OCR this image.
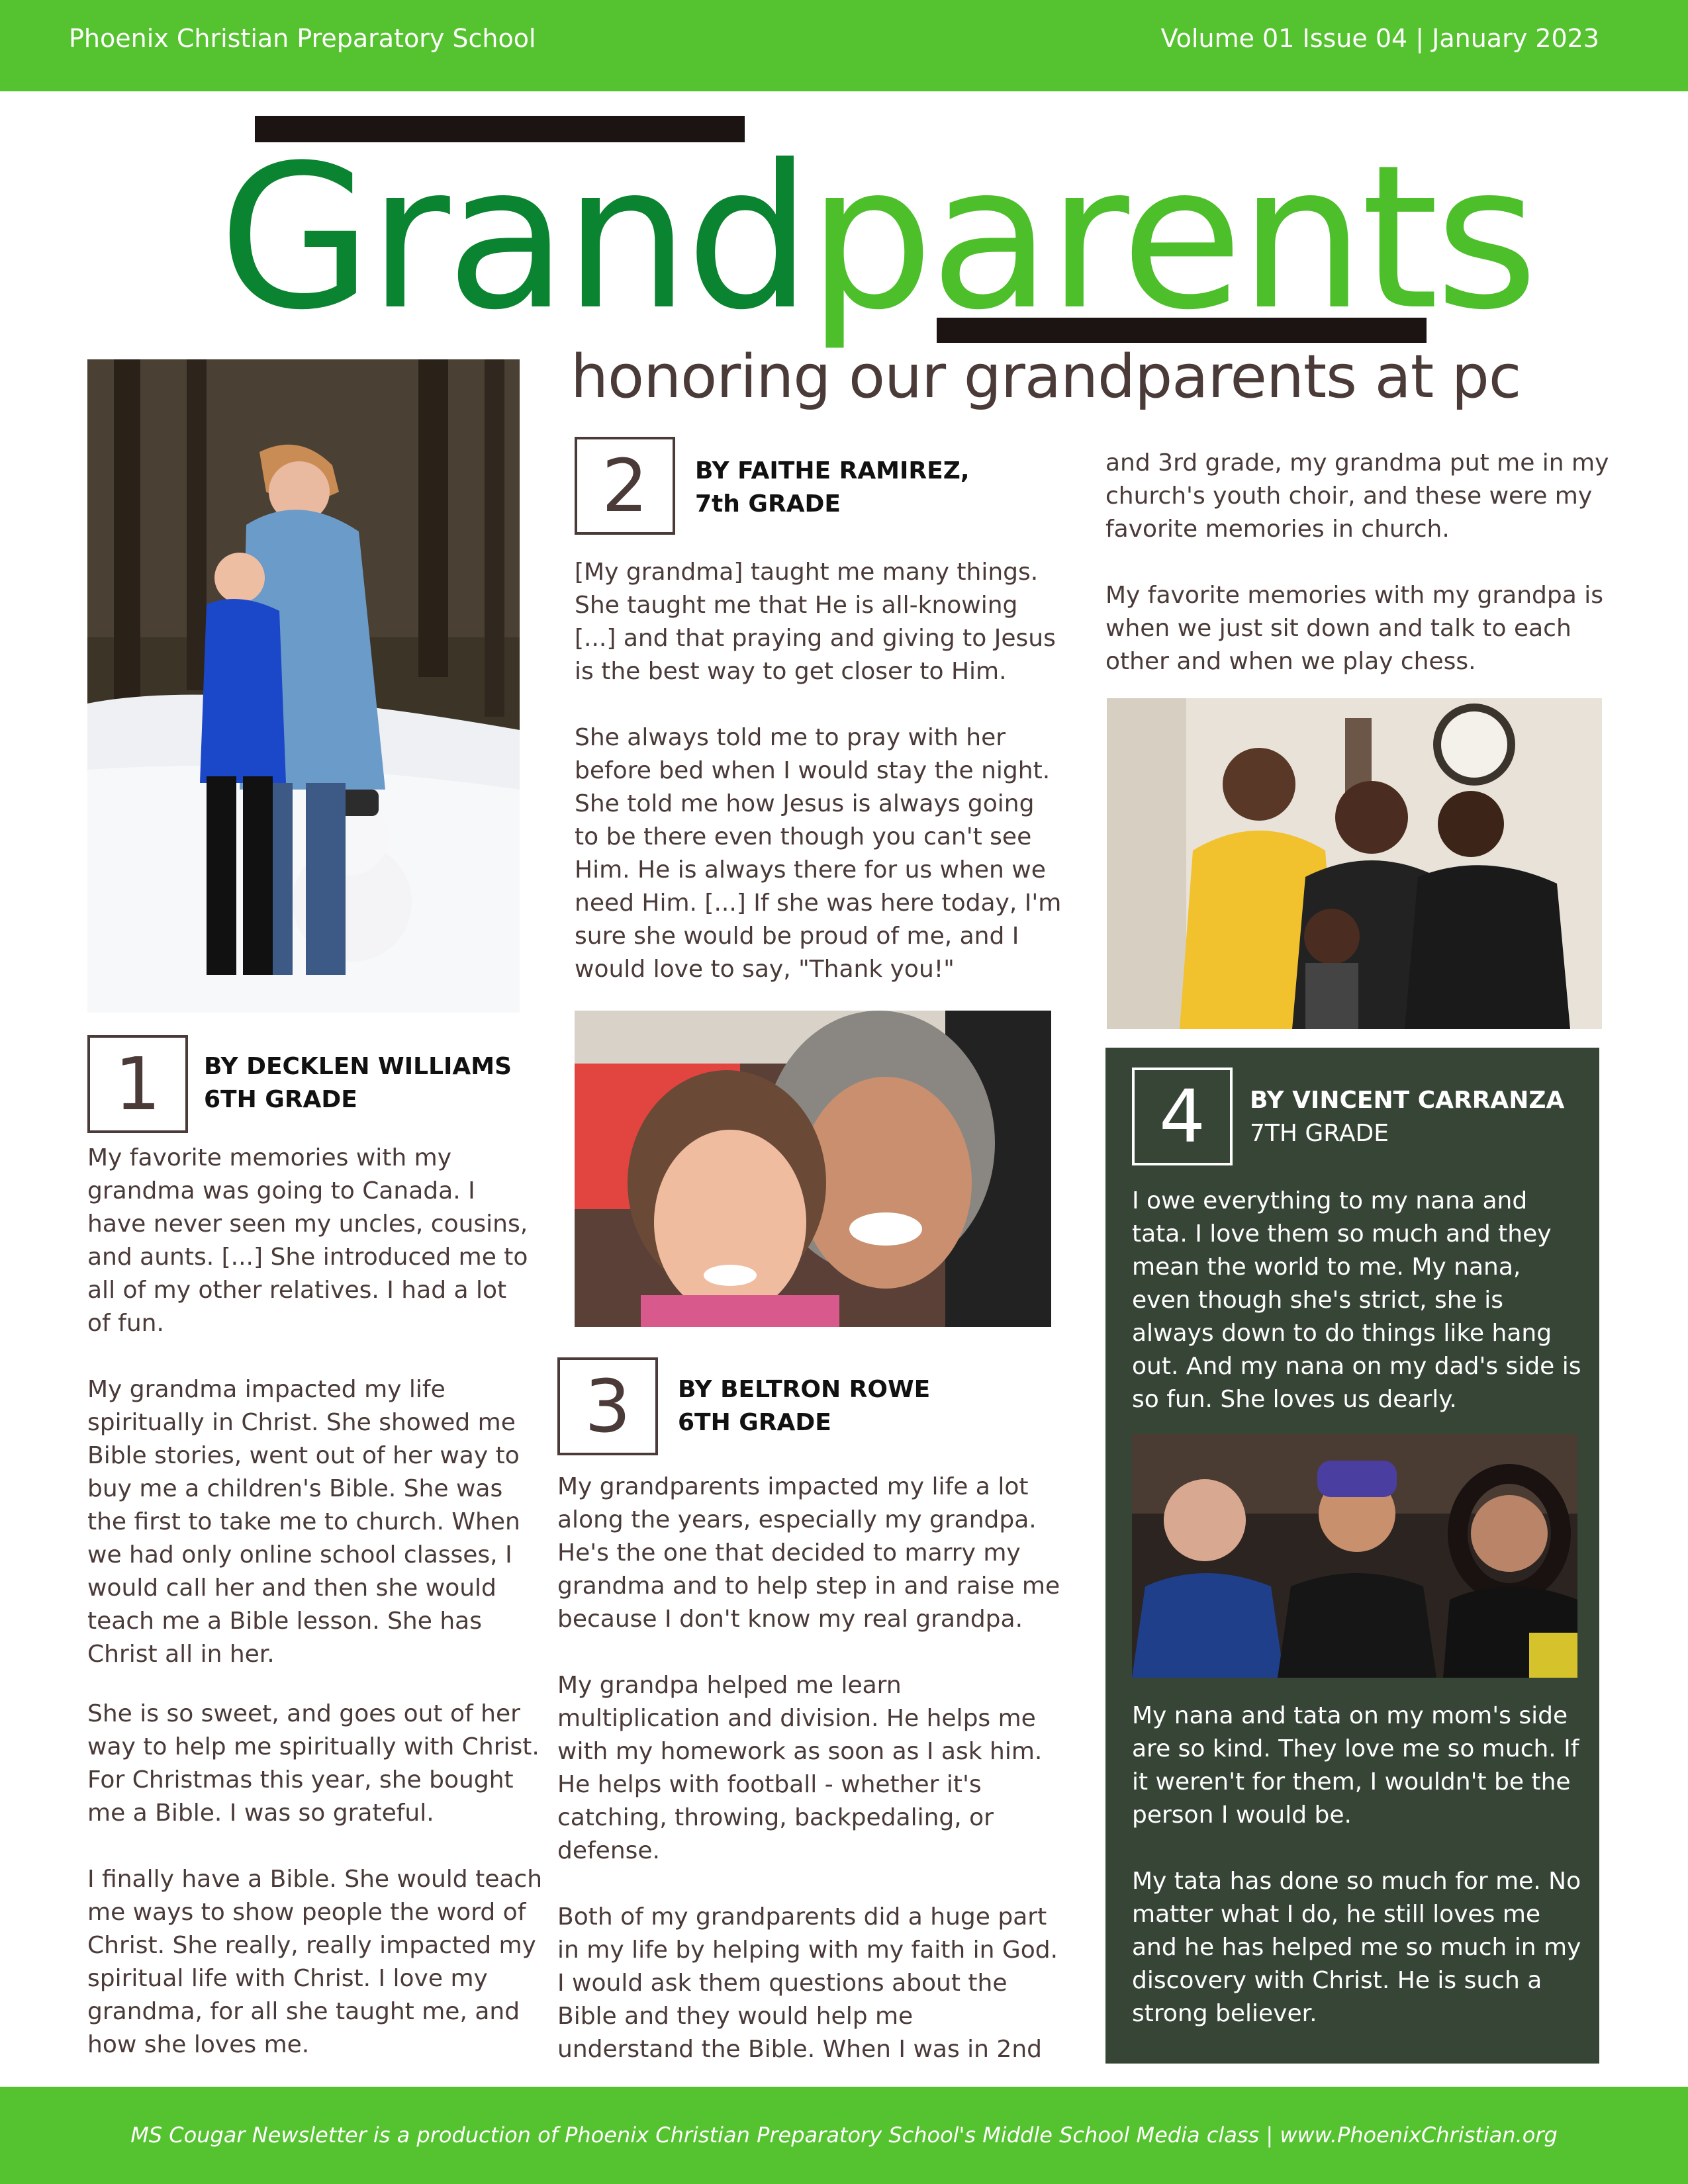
Phoenix Christian Preparatory School	Volume 01 Issue 04 | January 2023
Grandparents
honoring our grandparents at pc
1	BY DECKLEN WILLIAMS
6TH GRADE
My favorite memories with my
grandma was going to Canada. I
have never seen my uncles, cousins,
and aunts. [...] She introduced me to
all of my other relatives. I had a lot
of fun.

My grandma impacted my life
spiritually in Christ. She showed me
Bible stories, went out of her way to
buy me a children's Bible. She was
the first to take me to church. When
we had only online school classes, I
would call her and then she would
teach me a Bible lesson. She has
Christ all in her.
She is so sweet, and goes out of her
way to help me spiritually with Christ.
For Christmas this year, she bought
me a Bible. I was so grateful.

I finally have a Bible. She would teach
me ways to show people the word of
Christ. She really, really impacted my
spiritual life with Christ. I love my
grandma, for all she taught me, and
how she loves me.
2	BY FAITHE RAMIREZ,
7th GRADE
[My grandma] taught me many things.
She taught me that He is all-knowing
[...] and that praying and giving to Jesus
is the best way to get closer to Him.

She always told me to pray with her
before bed when I would stay the night.
She told me how Jesus is always going
to be there even though you can't see
Him. He is always there for us when we
need Him. [...] If she was here today, I'm
sure she would be proud of me, and I
would love to say, "Thank you!"
3	BY BELTRON ROWE
6TH GRADE
My grandparents impacted my life a lot
along the years, especially my grandpa.
He's the one that decided to marry my
grandma and to help step in and raise me
because I don't know my real grandpa.

My grandpa helped me learn
multiplication and division. He helps me
with my homework as soon as I ask him.
He helps with football - whether it's
catching, throwing, backpedaling, or
defense.

Both of my grandparents did a huge part
in my life by helping with my faith in God.
I would ask them questions about the
Bible and they would help me
understand the Bible. When I was in 2nd
and 3rd grade, my grandma put me in my
church's youth choir, and these were my
favorite memories in church.

My favorite memories with my grandpa is
when we just sit down and talk to each
other and when we play chess.
4	BY VINCENT CARRANZA
7TH GRADE
I owe everything to my nana and
tata. I love them so much and they
mean the world to me. My nana,
even though she's strict, she is
always down to do things like hang
out. And my nana on my dad's side is
so fun. She loves us dearly.
My nana and tata on my mom's side
are so kind. They love me so much. If
it weren't for them, I wouldn't be the
person I would be.

My tata has done so much for me. No
matter what I do, he still loves me
and he has helped me so much in my
discovery with Christ. He is such a
strong believer.
MS Cougar Newsletter is a production of Phoenix Christian Preparatory School's Middle School Media class | www.PhoenixChristian.org
